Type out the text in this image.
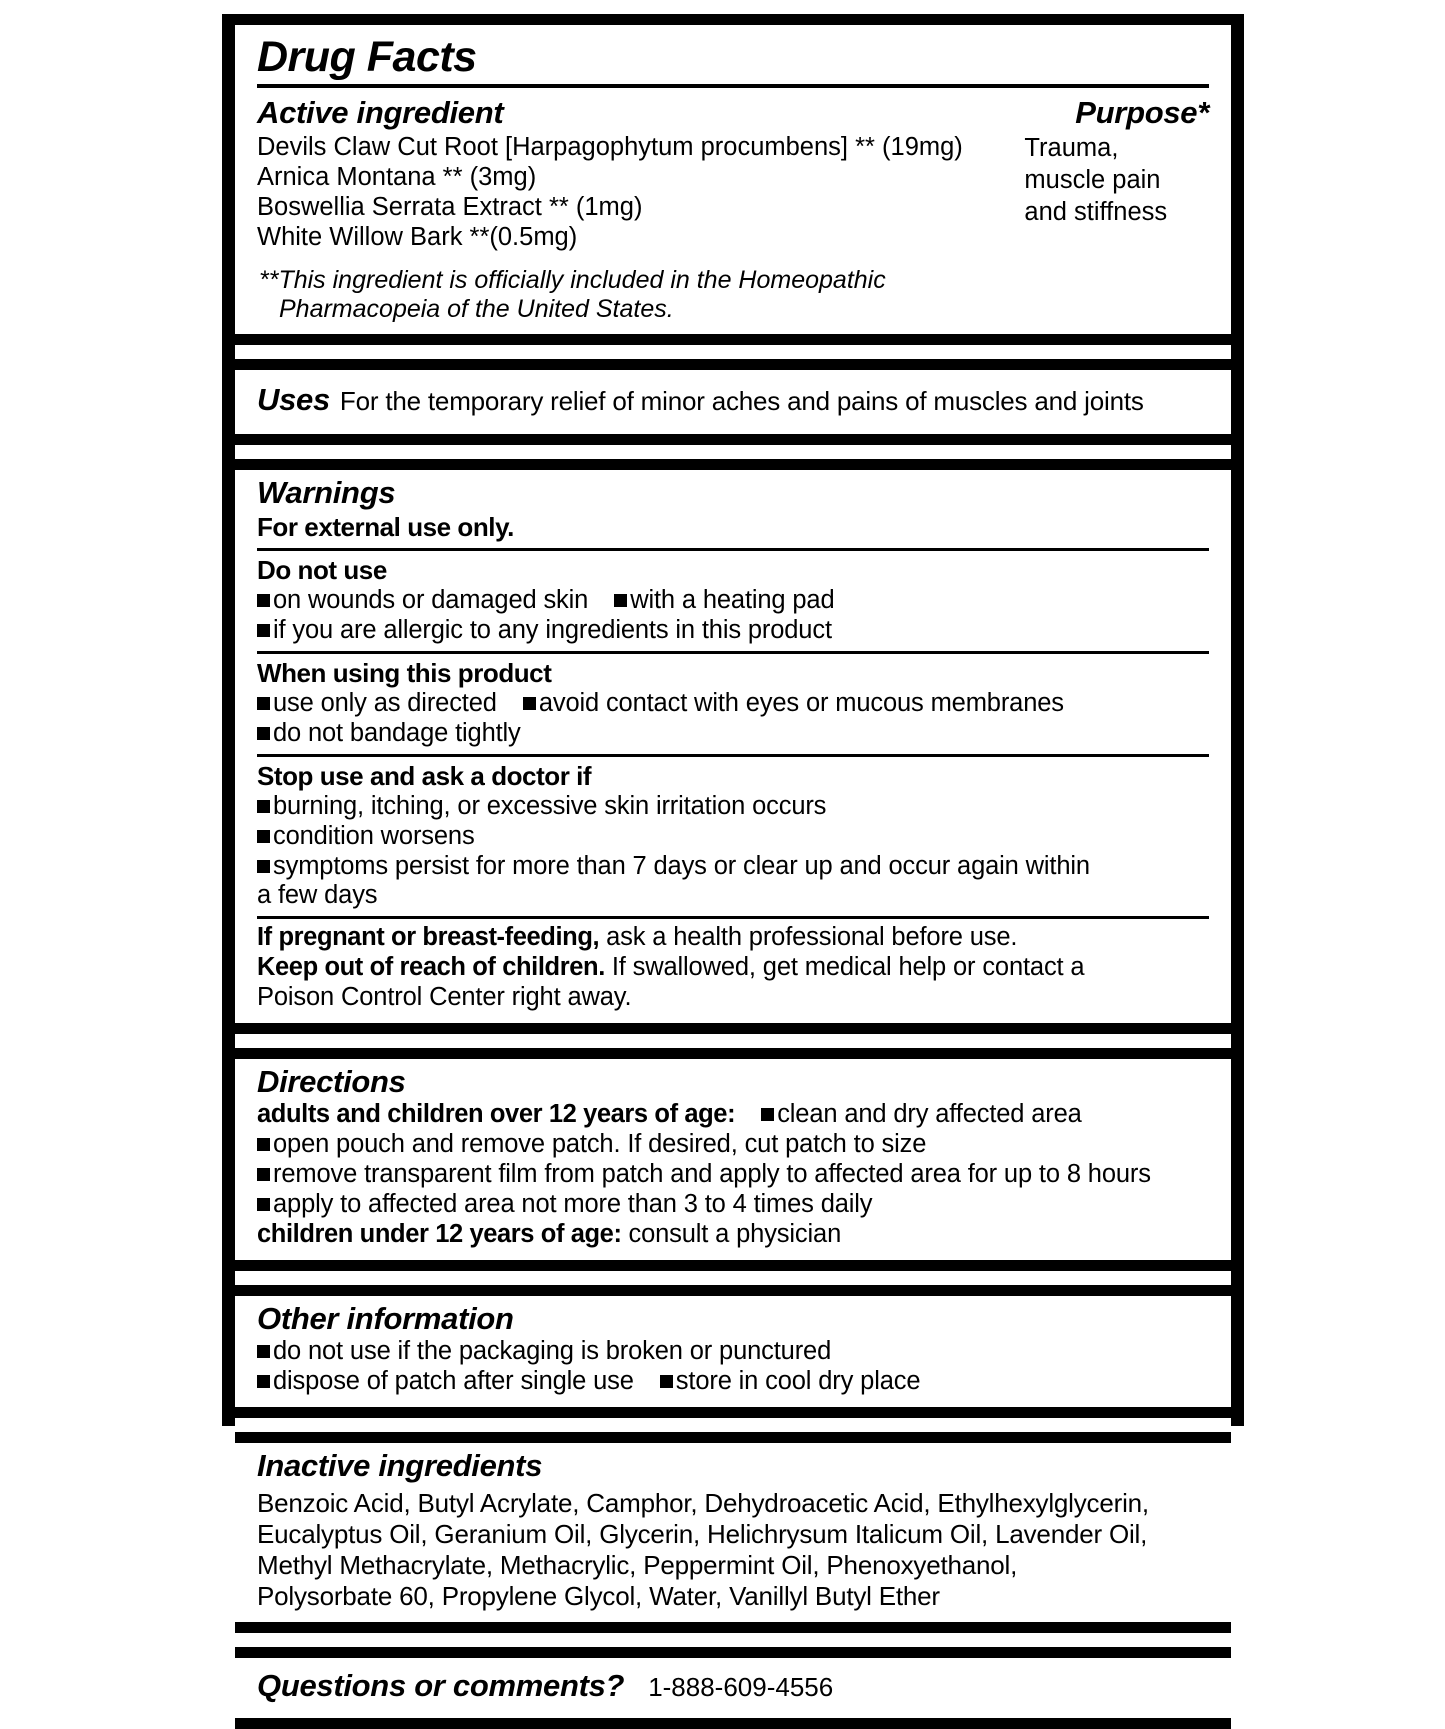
Drug Facts
Active ingredient
Devils Claw Cut Root [Harpagophytum procumbens] ** (19mg)
Arnica Montana ** (3mg)
Boswellia Serrata Extract ** (1mg)
White Willow Bark **(0.5mg)
Purpose*
Trauma,
muscle pain
and stiffness
**This ingredient is officially included in the Homeopathic
Pharmacopeia of the United States.
Uses For the temporary relief of minor aches and pains of muscles and joints
Warnings
For external use only.
Do not use
on wounds or damaged skin with a heating pad
if you are allergic to any ingredients in this product
When using this product
use only as directed avoid contact with eyes or mucous membranes
do not bandage tightly
Stop use and ask a doctor if
burning, itching, or excessive skin irritation occurs
condition worsens
symptoms persist for more than 7 days or clear up and occur again within
a few days
If pregnant or breast-feeding, ask a health professional before use.
Keep out of reach of children. If swallowed, get medical help or contact a
Poison Control Center right away.
Directions
adults and children over 12 years of age: clean and dry affected area
open pouch and remove patch. If desired, cut patch to size
remove transparent film from patch and apply to affected area for up to 8 hours
apply to affected area not more than 3 to 4 times daily
children under 12 years of age: consult a physician
Other information
do not use if the packaging is broken or punctured
dispose of patch after single use store in cool dry place
Inactive ingredients
Benzoic Acid, Butyl Acrylate, Camphor, Dehydroacetic Acid, Ethylhexylglycerin,
Eucalyptus Oil, Geranium Oil, Glycerin, Helichrysum Italicum Oil, Lavender Oil,
Methyl Methacrylate, Methacrylic, Peppermint Oil, Phenoxyethanol,
Polysorbate 60, Propylene Glycol, Water, Vanillyl Butyl Ether
Questions or comments? 1-888-609-4556
